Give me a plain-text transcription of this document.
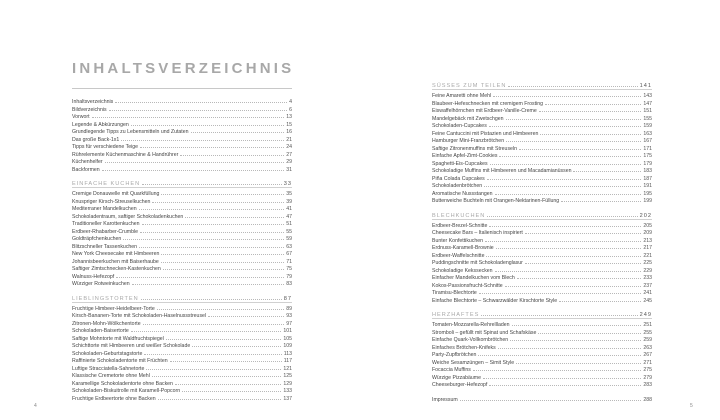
INHALTSVERZEICHNIS
Inhaltsverzeichnis	4
Bildverzeichnis	6
Vorwort	13
Legende & Abkürzungen	15
Grundlegende Tipps zu Lebensmitteln und Zutaten	16
Das große Back-1x1	21
Tipps für verschiedene Teige	24
Rührelemente Küchenmaschine & Handrührer	27
Küchenhelfer	29
Backformen	31
EINFACHE KUCHEN	33
Cremige Donauwelle mit Quarkfüllung	35
Knuspriger Kirsch-Streuselkuchen	39
Mediterraner Mandelkuchen	41
Schokoladentraum, saftiger Schokoladenkuchen	47
Traditioneller Karottenkuchen	51
Erdbeer-Rhabarber-Crumble	55
Goldträpfchenkuchen	59
Blitzschneller Tassenkuchen	63
New York Cheesecake mit Himbeeren	67
Johannisbeerkuchen mit Baiserhaube	71
Saftiger Zimtschnecken-Kastenkuchen	75
Walnuss-Hefezopf	79
Würziger Rotweinkuchen	83
LIEBLINGSTORTEN	87
Fruchtige Himbeer-Heidelbeer-Torte	89
Kirsch-Bananen-Torte mit Schokoladen-Haselnussstreusel	93
Zitronen-Mohn-Wölkchentorte	97
Schokoladen-Baisertorte	101
Saftige Mohntorte mit Waldfruchtspiegel	105
Schichttorte mit Himbeeren und weißer Schokolade	109
Schokoladen-Geburtstagstorte	113
Raffinierte Schokoladentorte mit Früchten	117
Luftige Stracciatella-Sahnetorte	121
Klassische Cremetorte ohne Mehl	125
Karamellige Schokoladentorte ohne Backen	129
Schokoladen-Biskuitrolle mit Karamell-Popcorn	133
Fruchtige Erdbeertorte ohne Backen	137
SÜSSES ZUM TEILEN	141
Feine Amaretti ohne Mehl	143
Blaubeer-Hefeschnecken mit cremigem Frosting	147
Eiswaffelhörnchen mit Erdbeer-Vanille-Creme	151
Mandelgebäck mit Zwetschgen	155
Schokoladen-Cupcakes	159
Feine Cantuccini mit Pistazien und Himbeeren	163
Hamburger Mini-Franzbrötchen	167
Saftige Zitronenmuffins mit Streuseln	171
Einfache Apfel-Zimt-Cookies	175
Spaghetti-Eis-Cupcakes	179
Schokoladige Muffins mit Himbeeren und Macadamianüssen	183
Piña Colada Cupcakes	187
Schokoladenbrötchen	191
Aromatische Nussstangen	195
Butterweiche Buchteln mit Orangen-Nektarinen-Füllung	199
BLECHKUCHEN	202
Erdbeer-Brezel-Schnitte	205
Cheesecake Bars – Italienisch inspiriert	209
Bunter Konfettikuchen	213
Erdnuss-Karamell-Brownie	217
Erdbeer-Waffelschnitte	221
Puddingschnitte mit Schokoladenglasur	225
Schokoladige Kekssecken	229
Einfacher Mandelkuchen vom Blech	233
Kokos-Passionsfrucht-Schnitte	237
Tiramisu-Blechtorte	241
Einfache Blechtorte – Schwarzwälder Kirschtorte Style	245
HERZHAFTES	249
Tomaten-Mozzarella-Rehrellladen	251
Stromboli – gefüllt mit Spinat und Schafskäse	255
Einfache Quark-Vollkornbrötchen	259
Einfaches Brötchen-Knifeks	263
Party-Zupfbrötchen	267
Weiche Sesamzüngen – Simit Style	271
Focaccia Muffins	275
Würzige Pizzabäume	279
Cheeseburger-Hefezopf	283
Impressum	288
4	5
